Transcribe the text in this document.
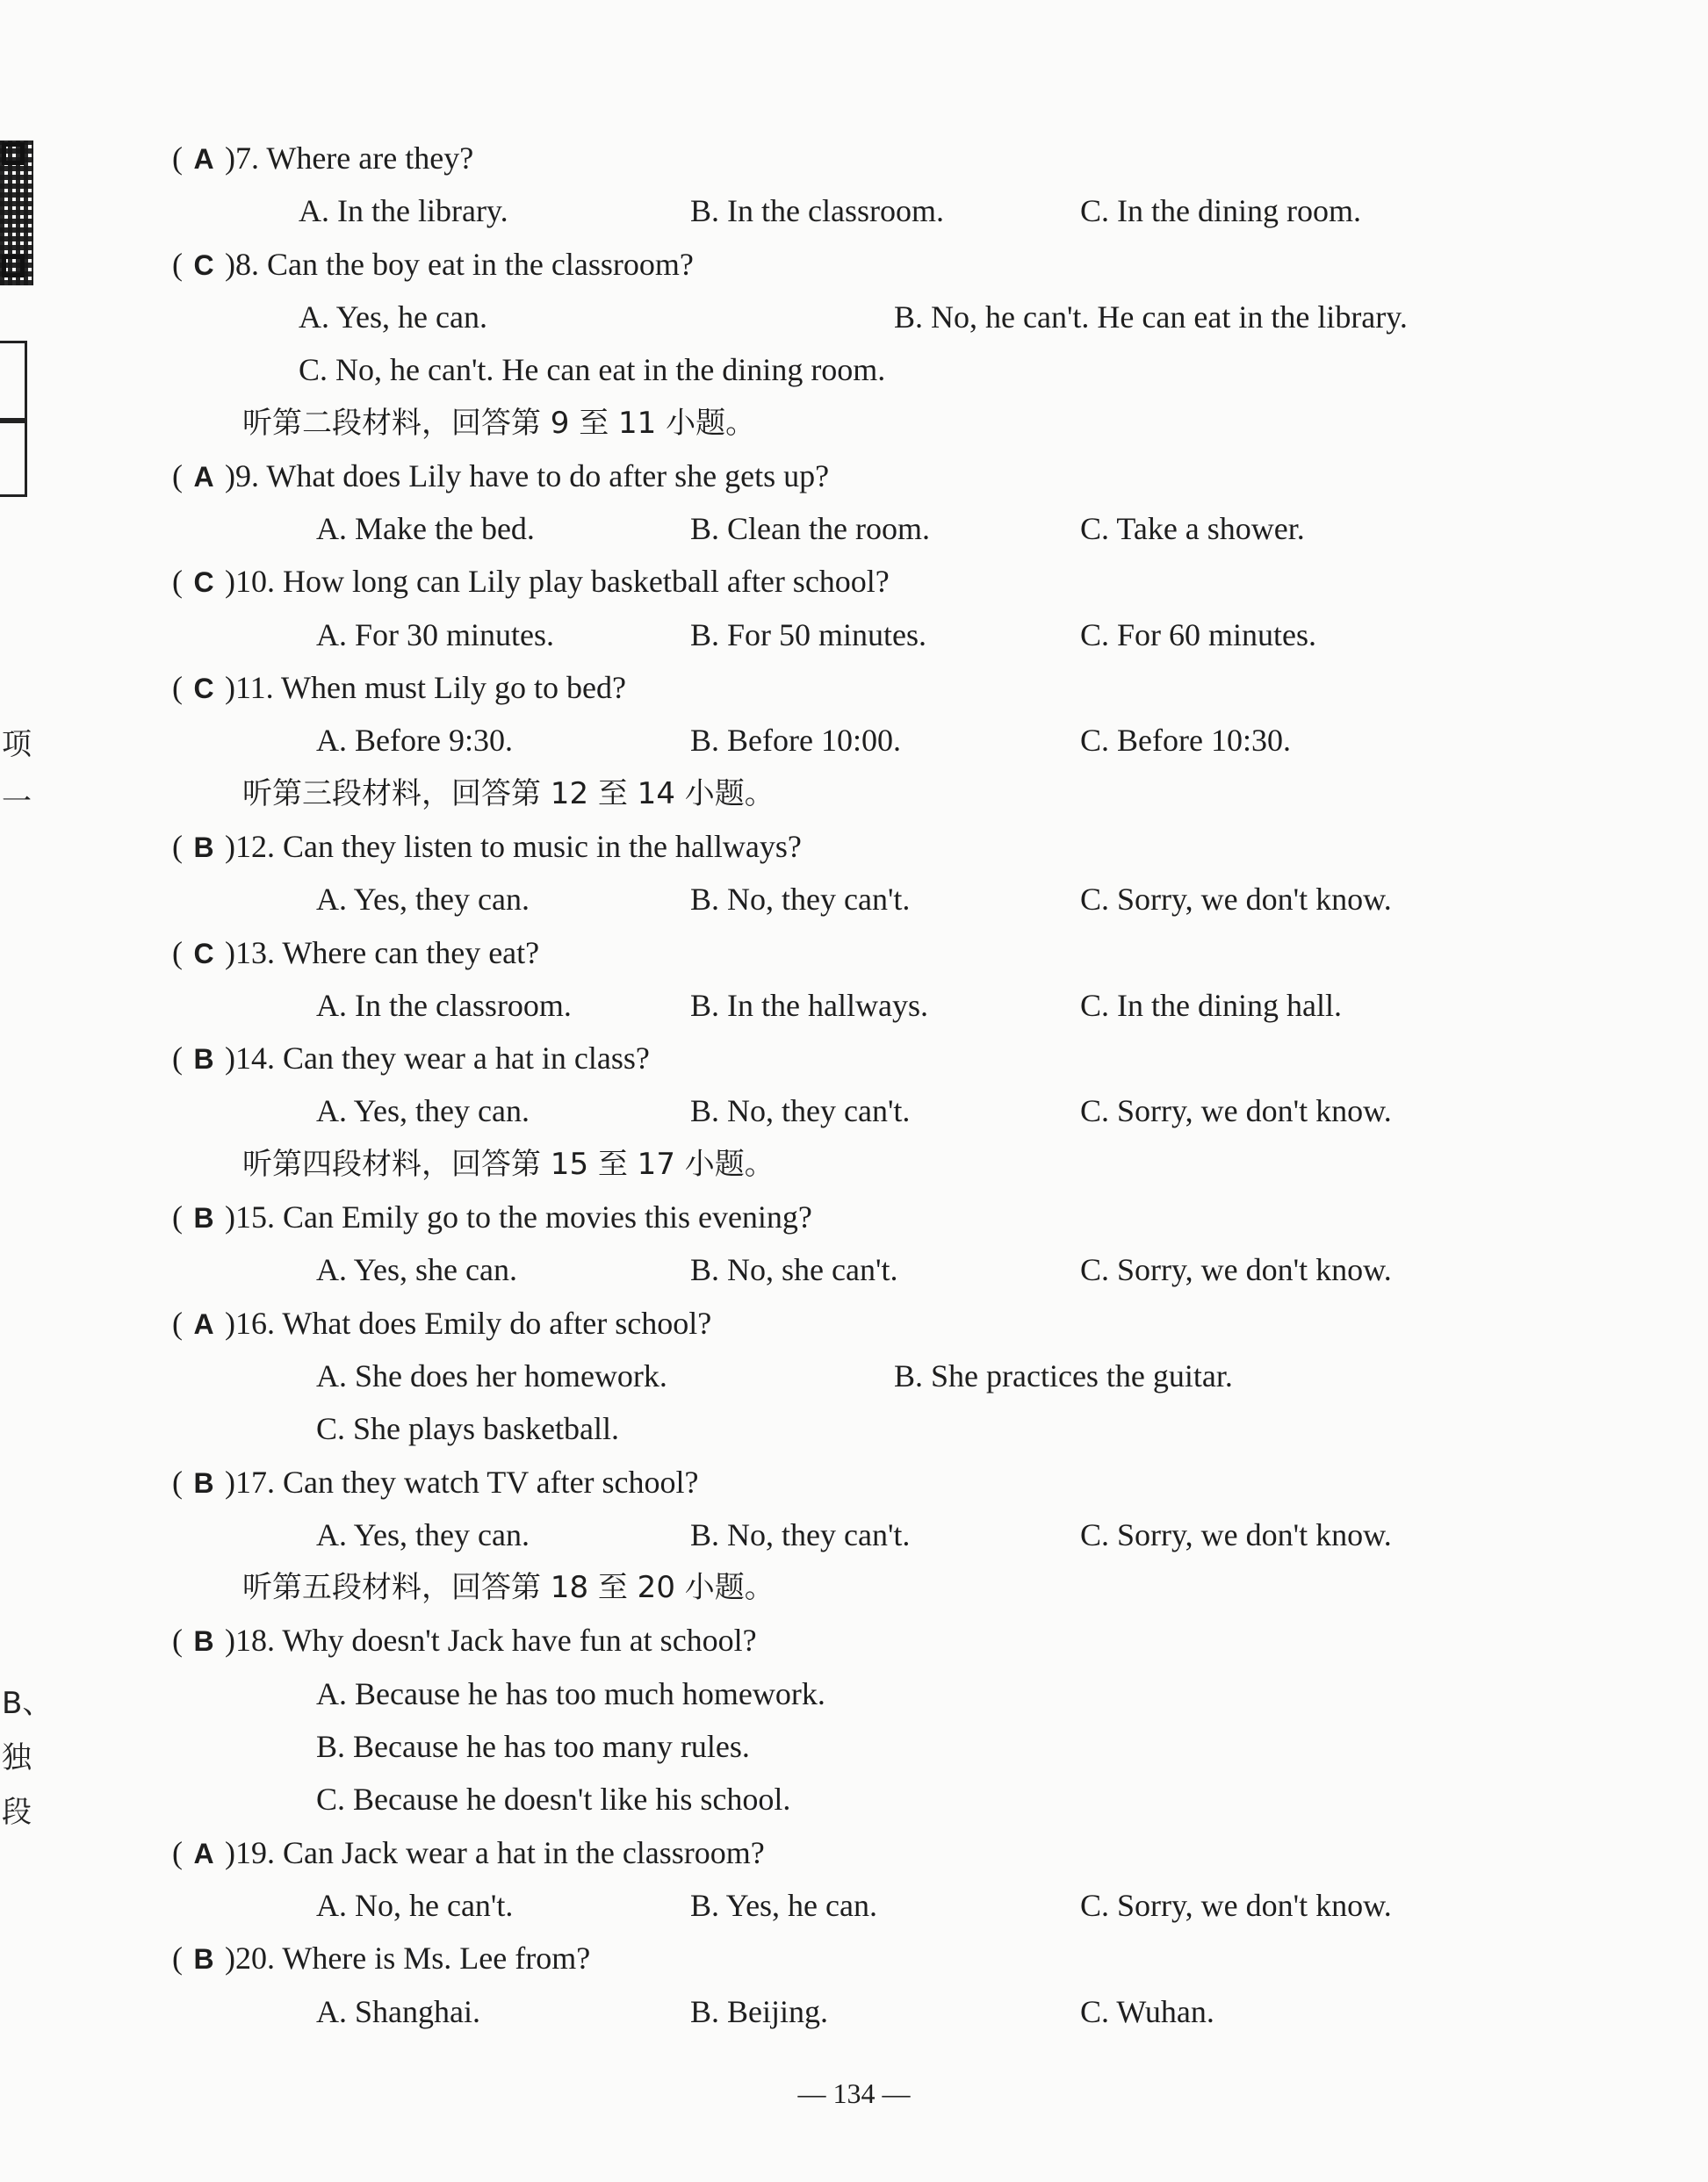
项
一
B、
独
段
( A )7. Where are they?
A. In the library.	B. In the classroom.	C. In the dining room.
( C )8. Can the boy eat in the classroom?
A. Yes, he can.	B. No, he can't. He can eat in the library.
C. No, he can't. He can eat in the dining room.
听第二段材料，回答第 9 至 11 小题。
( A )9. What does Lily have to do after she gets up?
A. Make the bed.	B. Clean the room.	C. Take a shower.
( C )10. How long can Lily play basketball after school?
A. For 30 minutes.	B. For 50 minutes.	C. For 60 minutes.
( C )11. When must Lily go to bed?
A. Before 9:30.	B. Before 10:00.	C. Before 10:30.
听第三段材料，回答第 12 至 14 小题。
( B )12. Can they listen to music in the hallways?
A. Yes, they can.	B. No, they can't.	C. Sorry, we don't know.
( C )13. Where can they eat?
A. In the classroom.	B. In the hallways.	C. In the dining hall.
( B )14. Can they wear a hat in class?
A. Yes, they can.	B. No, they can't.	C. Sorry, we don't know.
听第四段材料，回答第 15 至 17 小题。
( B )15. Can Emily go to the movies this evening?
A. Yes, she can.	B. No, she can't.	C. Sorry, we don't know.
( A )16. What does Emily do after school?
A. She does her homework.	B. She practices the guitar.
C. She plays basketball.
( B )17. Can they watch TV after school?
A. Yes, they can.	B. No, they can't.	C. Sorry, we don't know.
听第五段材料，回答第 18 至 20 小题。
( B )18. Why doesn't Jack have fun at school?
A. Because he has too much homework.
B. Because he has too many rules.
C. Because he doesn't like his school.
( A )19. Can Jack wear a hat in the classroom?
A. No, he can't.	B. Yes, he can.	C. Sorry, we don't know.
( B )20. Where is Ms. Lee from?
A. Shanghai.	B. Beijing.	C. Wuhan.
— 134 —
